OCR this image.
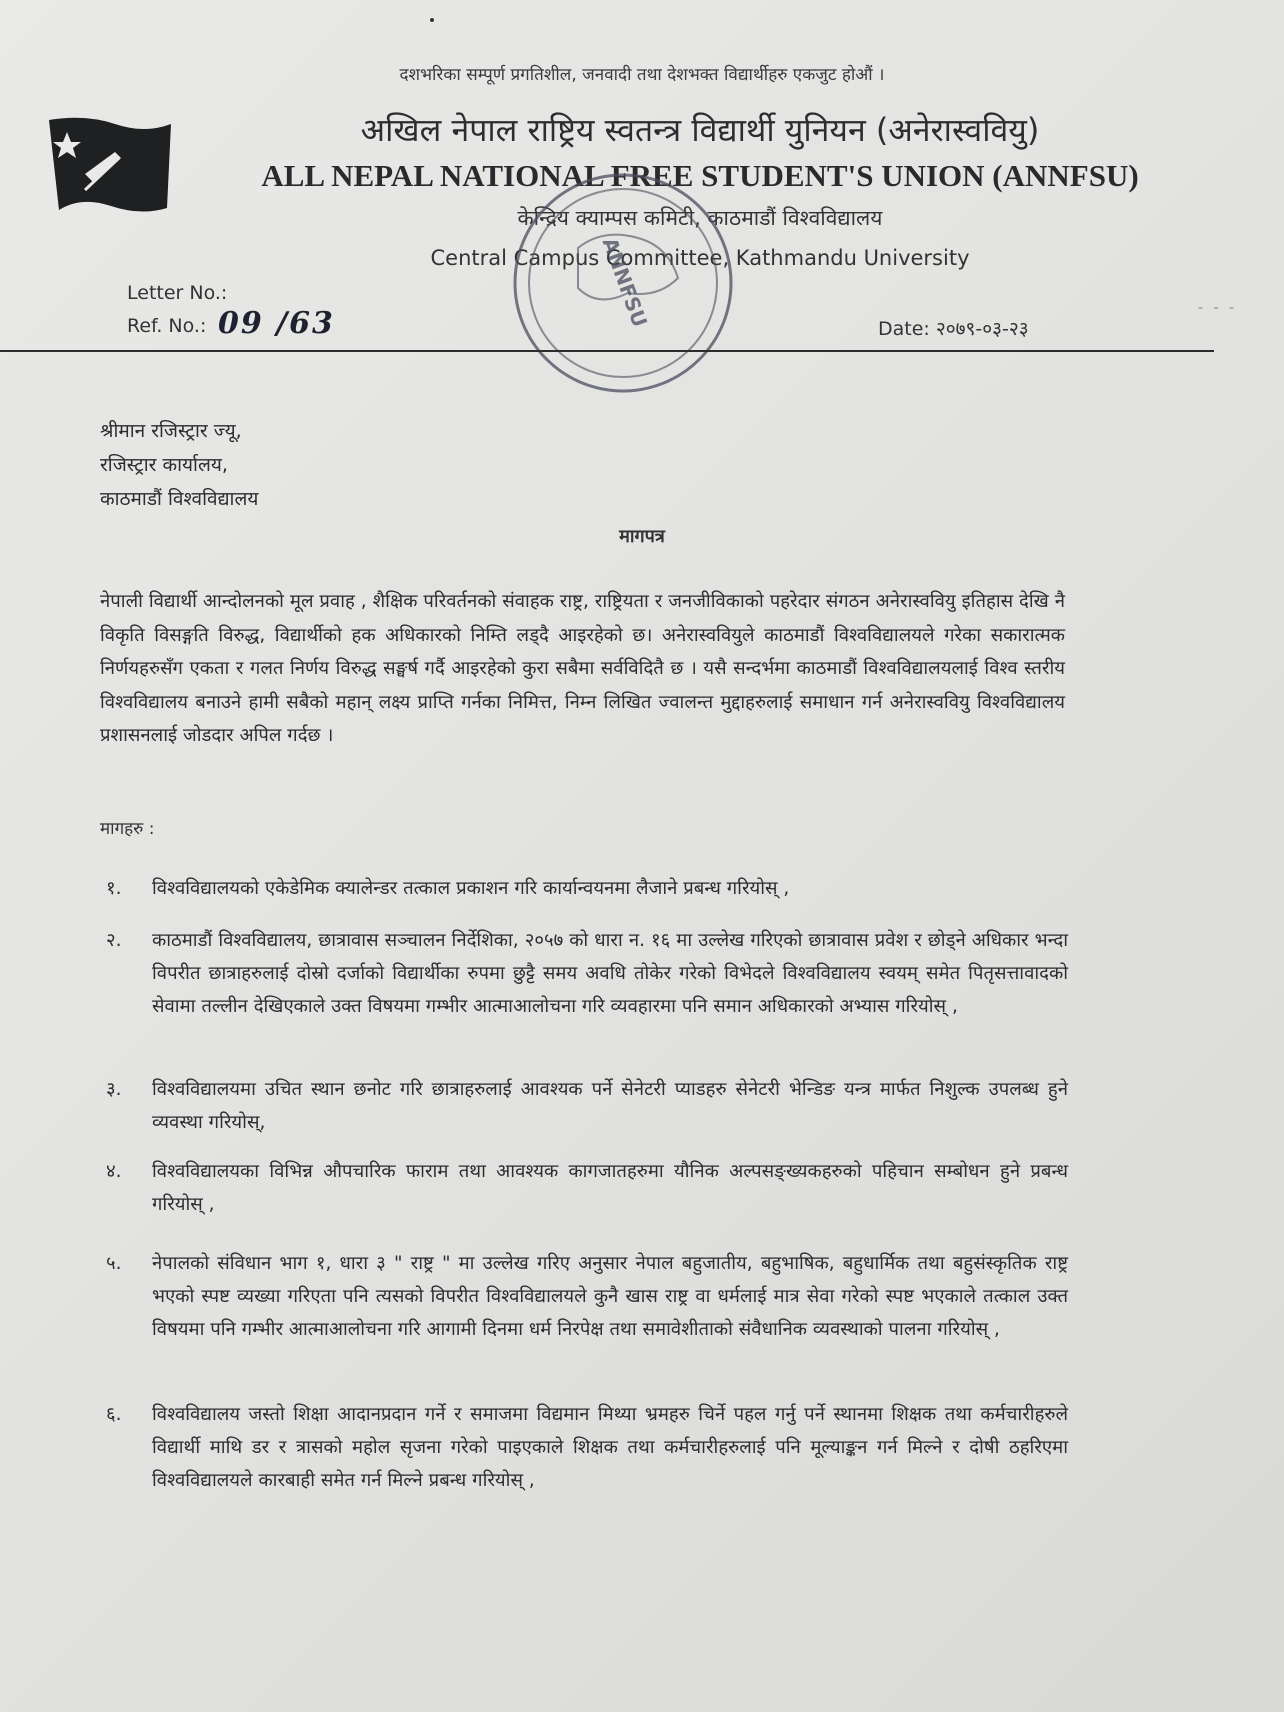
दशभरिका सम्पूर्ण प्रगतिशील, जनवादी तथा देशभक्त विद्यार्थीहरु एकजुट होऔं ।
अखिल नेपाल राष्ट्रिय स्वतन्त्र विद्यार्थी युनियन (अनेरास्ववियु)
ALL NEPAL NATIONAL FREE STUDENT'S UNION (ANNFSU)
केन्द्रिय क्याम्पस कमिटी, काठमाडौं विश्वविद्यालय
Central Campus Committee, Kathmandu University
ANNFSU
Letter No.:
Ref. No.: 09 /63	Date: २०७९-०३-२३
- - -
श्रीमान रजिस्ट्रार ज्यू,
रजिस्ट्रार कार्यालय,
काठमाडौं विश्वविद्यालय
मागपत्र
नेपाली विद्यार्थी आन्दोलनको मूल प्रवाह , शैक्षिक परिवर्तनको संवाहक राष्ट्र, राष्ट्रियता र जनजीविकाको पहरेदार संगठन अनेरास्ववियु इतिहास देखि नै विकृति विसङ्गति विरुद्ध, विद्यार्थीको हक अधिकारको निम्ति लड्दै आइरहेको छ। अनेरास्ववियुले काठमाडौं विश्वविद्यालयले गरेका सकारात्मक निर्णयहरुसँग एकता र गलत निर्णय विरुद्ध सङ्घर्ष गर्दै आइरहेको कुरा सबैमा सर्वविदितै छ । यसै सन्दर्भमा काठमाडौं विश्वविद्यालयलाई विश्व स्तरीय विश्वविद्यालय बनाउने हामी सबैको महान् लक्ष्य प्राप्ति गर्नका निमित्त, निम्न लिखित ज्वालन्त मुद्दाहरुलाई समाधान गर्न अनेरास्ववियु विश्वविद्यालय प्रशासनलाई जोडदार अपिल गर्दछ ।
मागहरु :
१.	विश्वविद्यालयको एकेडेमिक क्यालेन्डर तत्काल प्रकाशन गरि कार्यान्वयनमा लैजाने प्रबन्ध गरियोस् ,
२.	काठमाडौं विश्वविद्यालय, छात्रावास सञ्चालन निर्देशिका, २०५७ को धारा न. १६ मा उल्लेख गरिएको छात्रावास प्रवेश र छोड्ने अधिकार भन्दा विपरीत छात्राहरुलाई दोस्रो दर्जाको विद्यार्थीका रुपमा छुट्टै समय अवधि तोकेर गरेको विभेदले विश्वविद्यालय स्वयम् समेत पितृसत्तावादको सेवामा तल्लीन देखिएकाले उक्त विषयमा गम्भीर आत्माआलोचना गरि व्यवहारमा पनि समान अधिकारको अभ्यास गरियोस् ,
३.	विश्वविद्यालयमा उचित स्थान छनोट गरि छात्राहरुलाई आवश्यक पर्ने सेनेटरी प्याडहरु सेनेटरी भेन्डिङ यन्त्र मार्फत निशुल्क उपलब्ध हुने व्यवस्था गरियोस्,
४.	विश्वविद्यालयका विभिन्न औपचारिक फाराम तथा आवश्यक कागजातहरुमा यौनिक अल्पसङ्ख्यकहरुको पहिचान सम्बोधन हुने प्रबन्ध गरियोस् ,
५.	नेपालको संविधान भाग १, धारा ३ " राष्ट्र " मा उल्लेख गरिए अनुसार नेपाल बहुजातीय, बहुभाषिक, बहुधार्मिक तथा बहुसंस्कृतिक राष्ट्र भएको स्पष्ट व्यख्या गरिएता पनि त्यसको विपरीत विश्वविद्यालयले कुनै खास राष्ट्र वा धर्मलाई मात्र सेवा गरेको स्पष्ट भएकाले तत्काल उक्त विषयमा पनि गम्भीर आत्माआलोचना गरि आगामी दिनमा धर्म निरपेक्ष तथा समावेशीताको संवैधानिक व्यवस्थाको पालना गरियोस् ,
६.	विश्वविद्यालय जस्तो शिक्षा आदानप्रदान गर्ने र समाजमा विद्यमान मिथ्या भ्रमहरु चिर्ने पहल गर्नु पर्ने स्थानमा शिक्षक तथा कर्मचारीहरुले विद्यार्थी माथि डर र त्रासको महोल सृजना गरेको पाइएकाले शिक्षक तथा कर्मचारीहरुलाई पनि मूल्याङ्कन गर्न मिल्ने र दोषी ठहरिएमा विश्वविद्यालयले कारबाही समेत गर्न मिल्ने प्रबन्ध गरियोस् ,
